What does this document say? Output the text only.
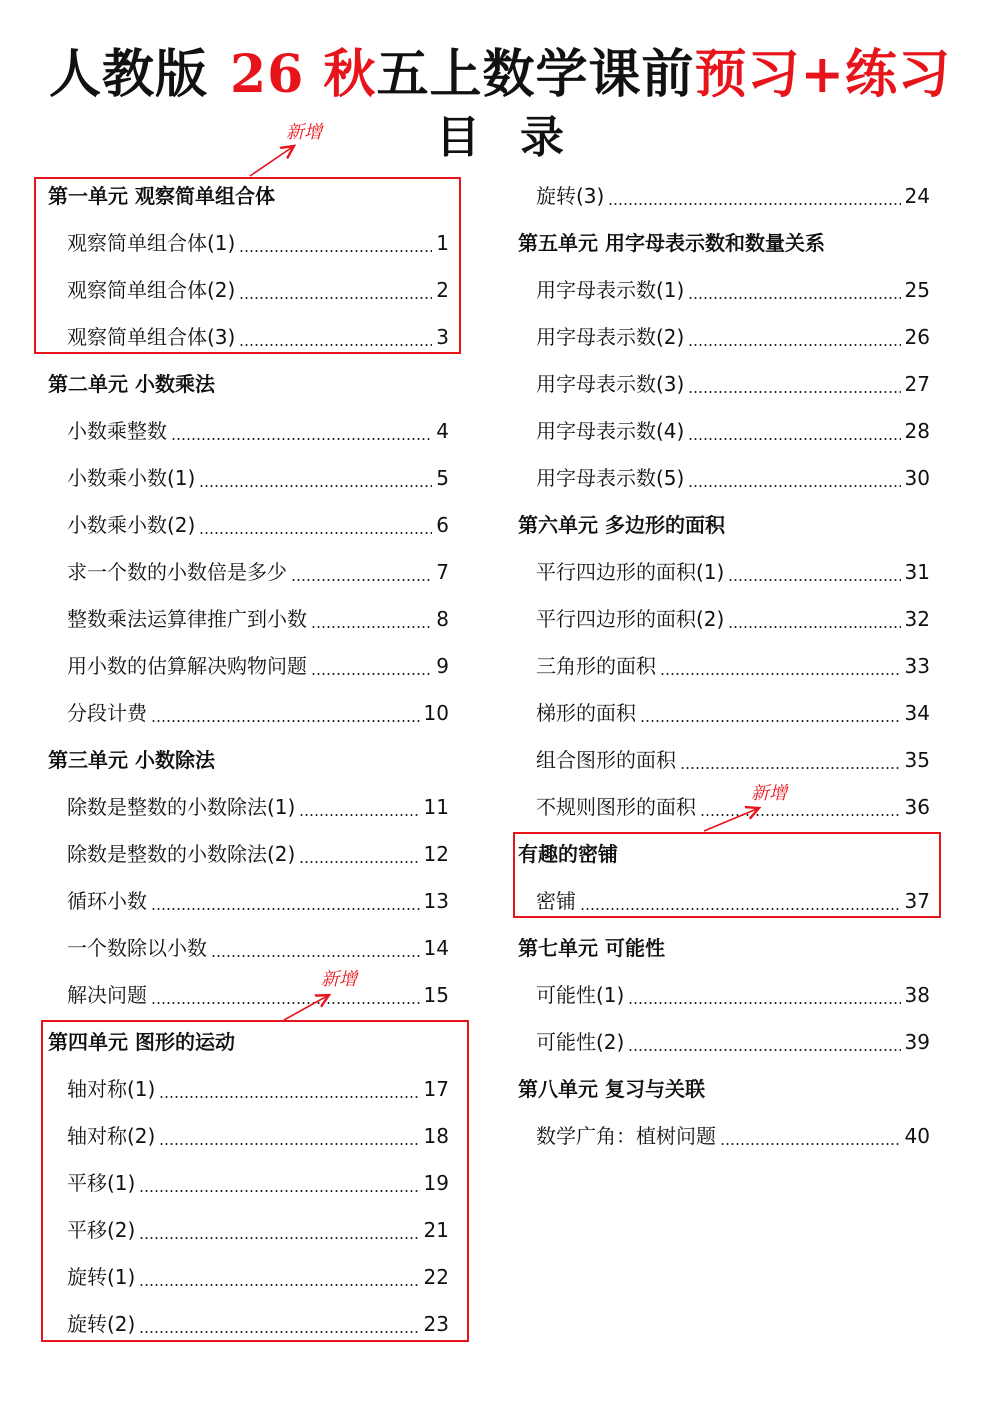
人教版 26 秋五上数学课前预习+练习
目录
第一单元 观察简单组合体
观察简单组合体(1)	1
观察简单组合体(2)	2
观察简单组合体(3)	3
第二单元 小数乘法
小数乘整数	4
小数乘小数(1)	5
小数乘小数(2)	6
求一个数的小数倍是多少	7
整数乘法运算律推广到小数	8
用小数的估算解决购物问题	9
分段计费	10
第三单元 小数除法
除数是整数的小数除法(1)	11
除数是整数的小数除法(2)	12
循环小数	13
一个数除以小数	14
解决问题	15
第四单元 图形的运动
轴对称(1)	17
轴对称(2)	18
平移(1)	19
平移(2)	21
旋转(1)	22
旋转(2)	23
旋转(3)	24
第五单元 用字母表示数和数量关系
用字母表示数(1)	25
用字母表示数(2)	26
用字母表示数(3)	27
用字母表示数(4)	28
用字母表示数(5)	30
第六单元 多边形的面积
平行四边形的面积(1)	31
平行四边形的面积(2)	32
三角形的面积	33
梯形的面积	34
组合图形的面积	35
不规则图形的面积	36
有趣的密铺
密铺	37
第七单元 可能性
可能性(1)	38
可能性(2)	39
第八单元 复习与关联
数学广角：植树问题	40
新增
新增
新增
